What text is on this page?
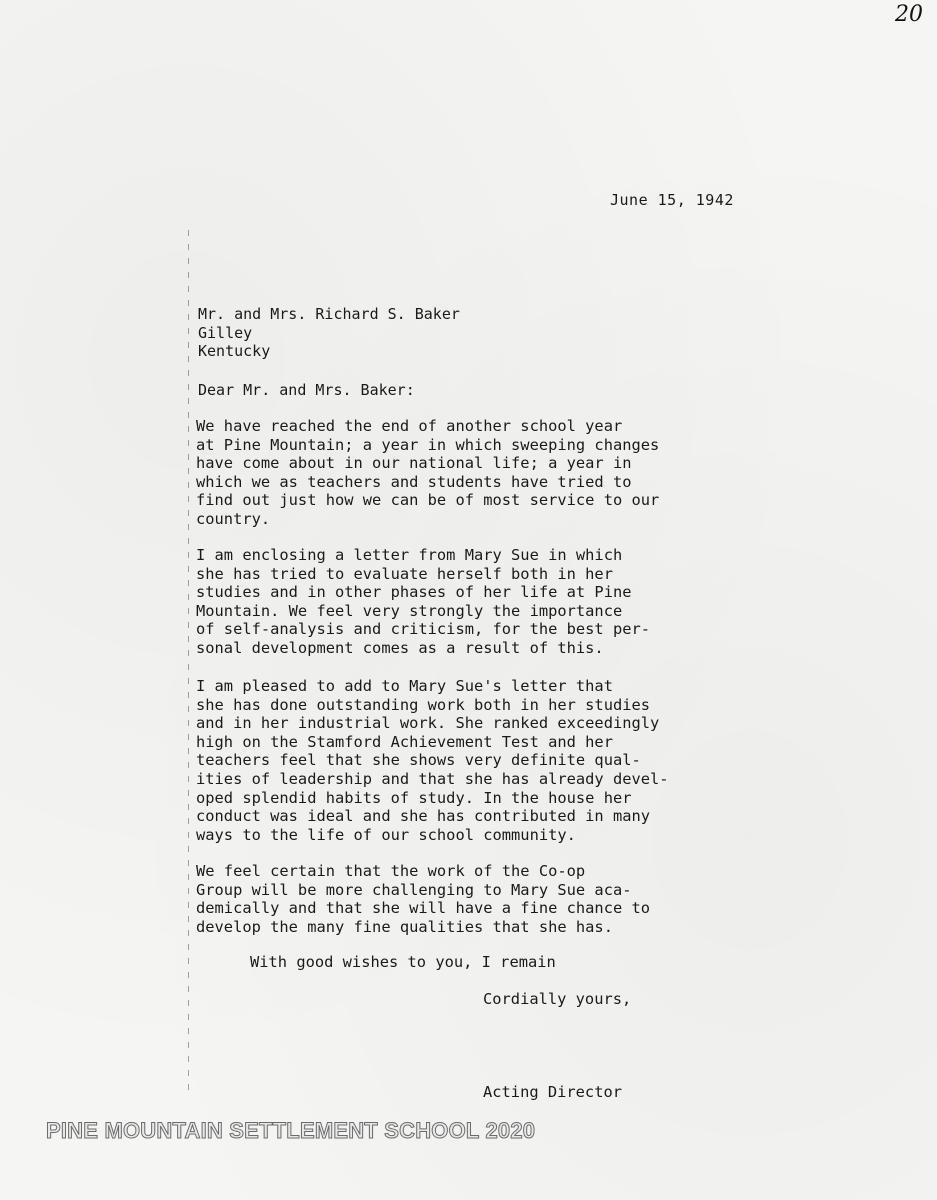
20
June 15, 1942
Mr. and Mrs. Richard S. Baker
Gilley
Kentucky
Dear Mr. and Mrs. Baker:

We have reached the end of another school year
at Pine Mountain; a year in which sweeping changes
have come about in our national life; a year in
which we as teachers and students have tried to
find out just how we can be of most service to our
country.

I am enclosing a letter from Mary Sue in which
she has tried to evaluate herself both in her
studies and in other phases of her life at Pine
Mountain. We feel very strongly the importance
of self-analysis and criticism, for the best per-
sonal development comes as a result of this.

I am pleased to add to Mary Sue's letter that
she has done outstanding work both in her studies
and in her industrial work. She ranked exceedingly
high on the Stamford Achievement Test and her
teachers feel that she shows very definite qual-
ities of leadership and that she has already devel-
oped splendid habits of study. In the house her
conduct was ideal and she has contributed in many
ways to the life of our school community.

We feel certain that the work of the Co-op
Group will be more challenging to Mary Sue aca-
demically and that she will have a fine chance to
develop the many fine qualities that she has.

With good wishes to you, I remain
Cordially yours,
Acting Director
PINE MOUNTAIN SETTLEMENT SCHOOL 2020
